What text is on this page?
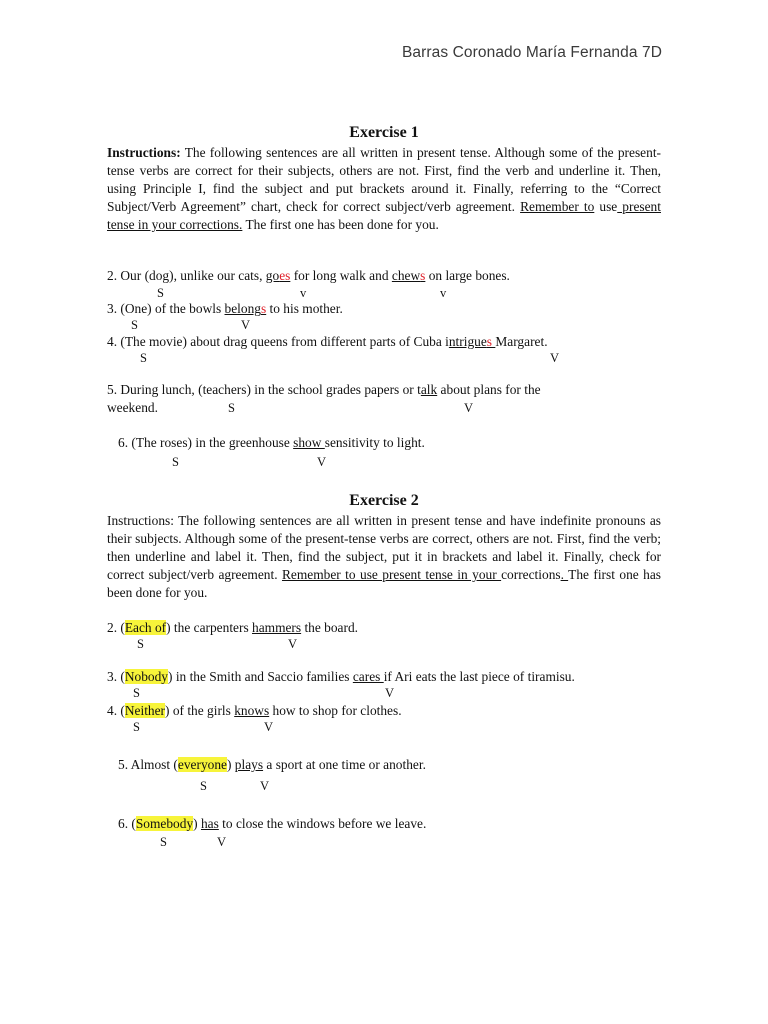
Barras Coronado María Fernanda 7D
Exercise 1
Instructions: The following sentences are all written in present tense. Although some of the present-tense verbs are correct for their subjects, others are not. First, find the verb and underline it. Then, using Principle I, find the subject and put brackets around it. Finally, referring to the “Correct Subject/Verb Agreement” chart, check for correct subject/verb agreement. Remember to use present tense in your corrections. The first one has been done for you.
2. Our (dog), unlike our cats, goes for long walk and chews on large bones.
S	v	v
3. (One) of the bowls belongs to his mother.
S	V
4. (The movie) about drag queens from different parts of Cuba intrigues Margaret.
S	V
5. During lunch, (teachers) in the school grades papers or talk about plans for the
weekend.	S	V
6. (The roses) in the greenhouse show sensitivity to light.
S	V
Exercise 2
Instructions: The following sentences are all written in present tense and have indefinite pronouns as their subjects. Although some of the present-tense verbs are correct, others are not. First, find the verb; then underline and label it. Then, find the subject, put it in brackets and label it. Finally, check for correct subject/verb agreement. Remember to use present tense in your corrections. The first one has been done for you.
2. (Each of) the carpenters hammers the board.
S	V
3. (Nobody) in the Smith and Saccio families cares if Ari eats the last piece of tiramisu.
S	V
4. (Neither) of the girls knows how to shop for clothes.
S	V
5. Almost (everyone) plays a sport at one time or another.
S	V
6. (Somebody) has to close the windows before we leave.
S	V
